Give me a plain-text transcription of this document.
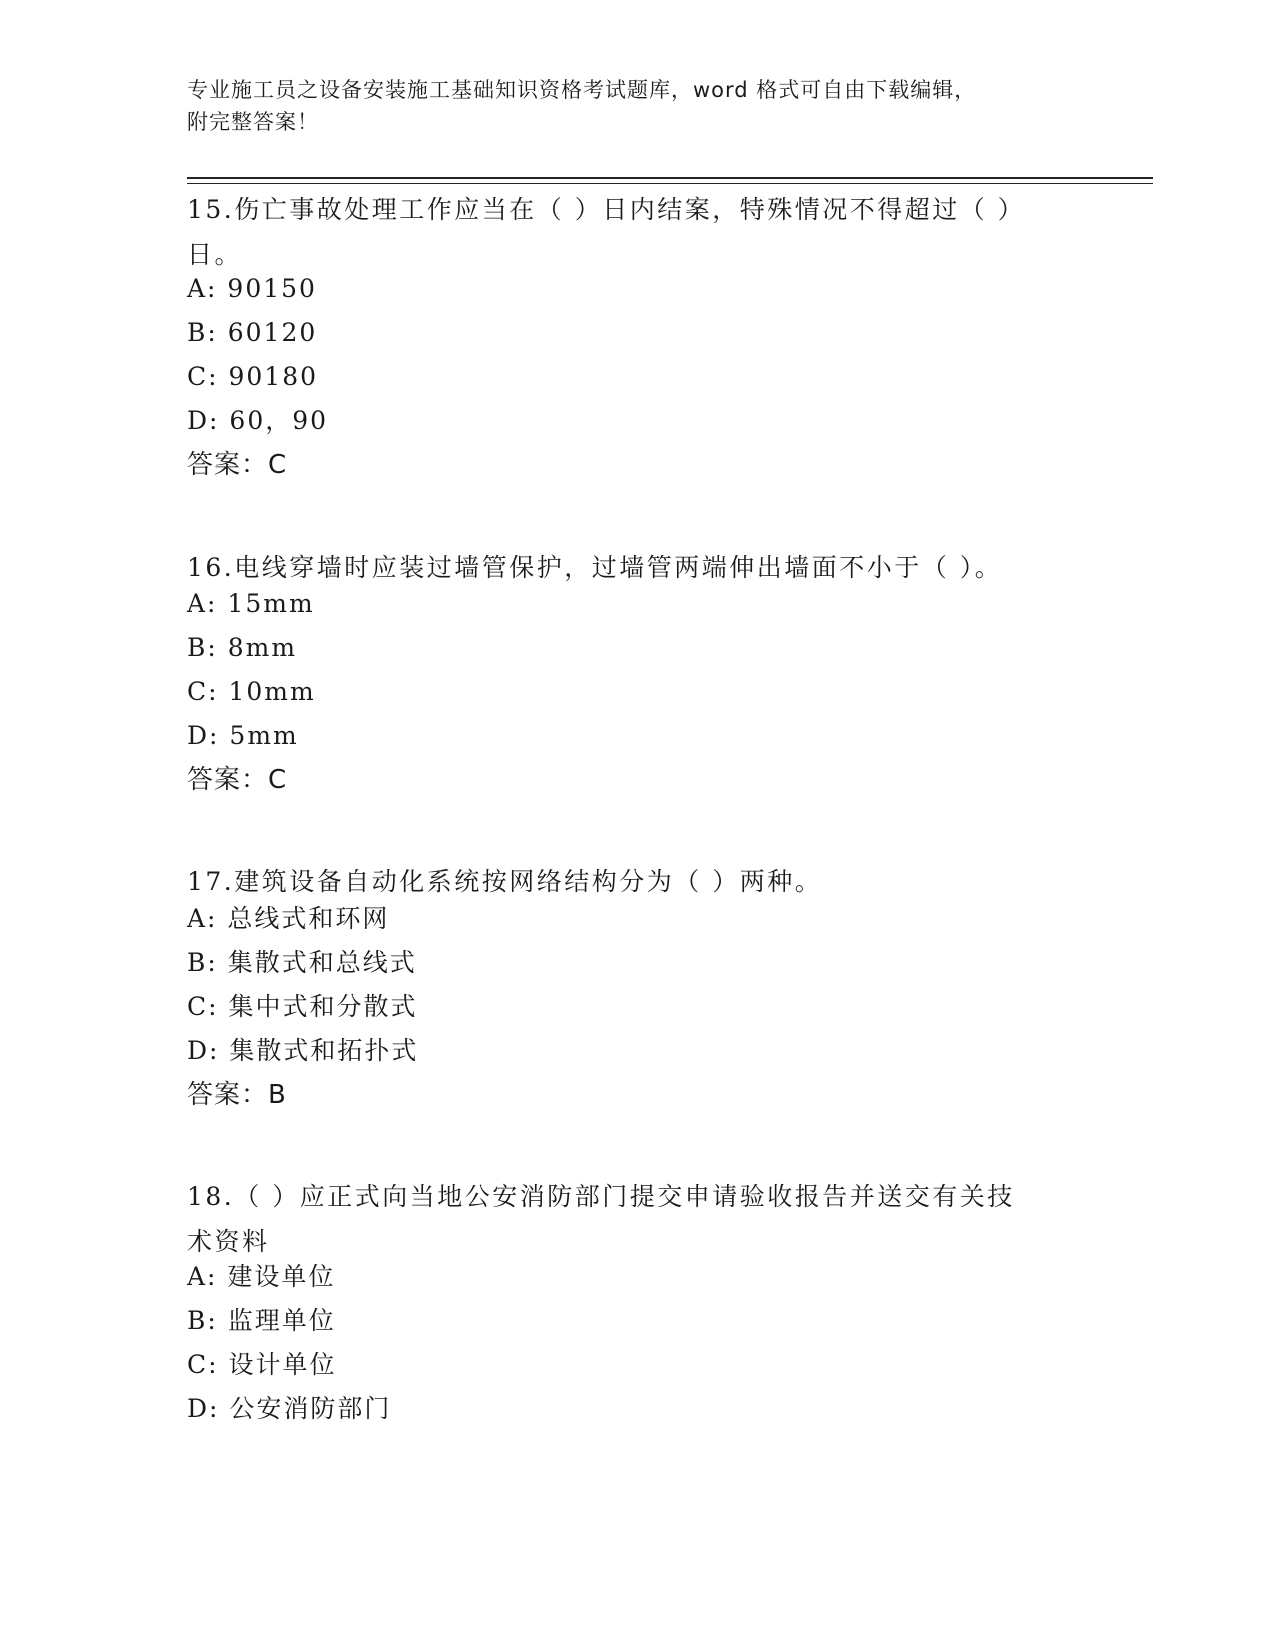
专业施工员之设备安装施工基础知识资格考试题库，word 格式可自由下载编辑，
附完整答案！
15.伤亡事故处理工作应当在（ ）日内结案，特殊情况不得超过（ ）
日。
A: 90150
B: 60120
C: 90180
D: 60，90
答案：C
16.电线穿墙时应装过墙管保护，过墙管两端伸出墙面不小于（ ）。
A: 15mm
B: 8mm
C: 10mm
D: 5mm
答案：C
17.建筑设备自动化系统按网络结构分为（ ）两种。
A: 总线式和环网
B: 集散式和总线式
C: 集中式和分散式
D: 集散式和拓扑式
答案：B
18.（ ）应正式向当地公安消防部门提交申请验收报告并送交有关技
术资料
A: 建设单位
B: 监理单位
C: 设计单位
D: 公安消防部门
